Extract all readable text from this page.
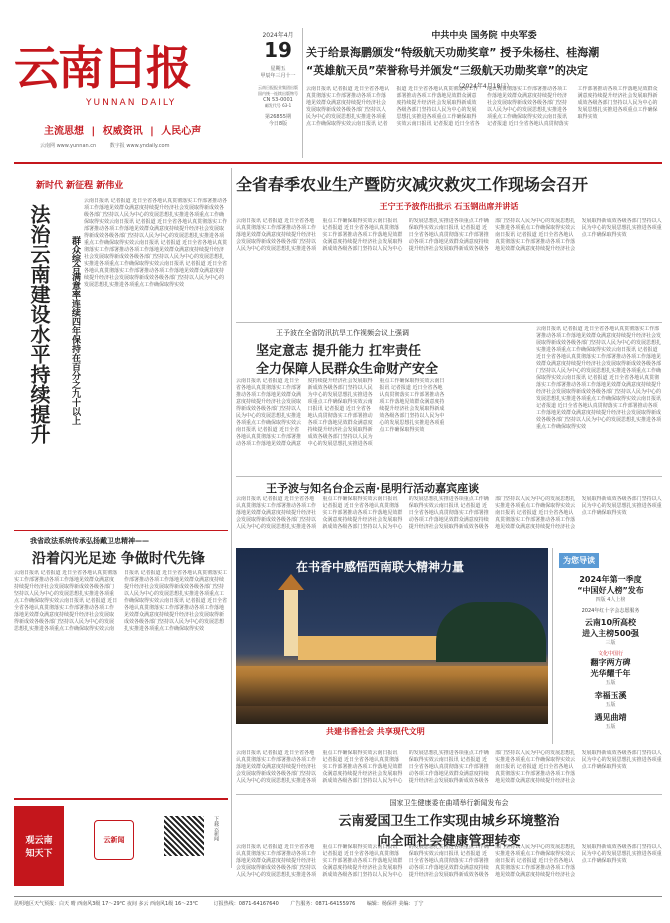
云南日报
YUNNAN DAILY
主流思想 | 权威资讯 | 人民心声
云南网 www.yunnan.cn	数字报 www.yndaily.com
2024年4月
19
星期五
甲辰年三月十一
云南日报报业集团出版
国内统一连续出版物号
CN 53-0001
邮发代号 63-1
第26855期
今日8版
中共中央 国务院 中央军委
关于给景海鹏颁发“特级航天功勋奖章” 授予朱杨柱、桂海潮
“英雄航天员”荣誉称号并颁发“三级航天功勋奖章”的决定
（2024年4月18日）
云南日报讯 记者报道 近日全省各地认真贯彻落实工作部署推动各项工作落地见效群众满意度持续提升经济社会发展取得新成效各级各部门坚持以人民为中心的发展思想扎实推进各项重点工作确保取得实效云南日报讯 记者报道 近日全省各地认真贯彻落实工作部署推动各项工作落地见效群众满意度持续提升经济社会发展取得新成效各级各部门坚持以人民为中心的发展思想扎实推进各项重点工作确保取得实效云南日报讯 记者报道 近日全省各地认真贯彻落实工作部署推动各项工作落地见效群众满意度持续提升经济社会发展取得新成效各级各部门坚持以人民为中心的发展思想扎实推进各项重点工作确保取得实效云南日报讯 记者报道 近日全省各地认真贯彻落实工作部署推动各项工作落地见效群众满意度持续提升经济社会发展取得新成效各级各部门坚持以人民为中心的发展思想扎实推进各项重点工作确保取得实效
新时代 新征程 新伟业
法治云南建设水平持续提升	群众综合满意率连续四年保持在百分之九十以上
云南日报讯 记者报道 近日全省各地认真贯彻落实工作部署推动各项工作落地见效群众满意度持续提升经济社会发展取得新成效各级各部门坚持以人民为中心的发展思想扎实推进各项重点工作确保取得实效云南日报讯 记者报道 近日全省各地认真贯彻落实工作部署推动各项工作落地见效群众满意度持续提升经济社会发展取得新成效各级各部门坚持以人民为中心的发展思想扎实推进各项重点工作确保取得实效云南日报讯 记者报道 近日全省各地认真贯彻落实工作部署推动各项工作落地见效群众满意度持续提升经济社会发展取得新成效各级各部门坚持以人民为中心的发展思想扎实推进各项重点工作确保取得实效云南日报讯 记者报道 近日全省各地认真贯彻落实工作部署推动各项工作落地见效群众满意度持续提升经济社会发展取得新成效各级各部门坚持以人民为中心的发展思想扎实推进各项重点工作确保取得实效
我省政法系统传承弘扬戴卫忠精神——
沿着闪光足迹 争做时代先锋
云南日报讯 记者报道 近日全省各地认真贯彻落实工作部署推动各项工作落地见效群众满意度持续提升经济社会发展取得新成效各级各部门坚持以人民为中心的发展思想扎实推进各项重点工作确保取得实效云南日报讯 记者报道 近日全省各地认真贯彻落实工作部署推动各项工作落地见效群众满意度持续提升经济社会发展取得新成效各级各部门坚持以人民为中心的发展思想扎实推进各项重点工作确保取得实效云南日报讯 记者报道 近日全省各地认真贯彻落实工作部署推动各项工作落地见效群众满意度持续提升经济社会发展取得新成效各级各部门坚持以人民为中心的发展思想扎实推进各项重点工作确保取得实效云南日报讯 记者报道 近日全省各地认真贯彻落实工作部署推动各项工作落地见效群众满意度持续提升经济社会发展取得新成效各级各部门坚持以人民为中心的发展思想扎实推进各项重点工作确保取得实效
全省春季农业生产暨防灾减灾救灾工作现场会召开
王宁王予波作出批示 石玉钢出席并讲话
云南日报讯 记者报道 近日全省各地认真贯彻落实工作部署推动各项工作落地见效群众满意度持续提升经济社会发展取得新成效各级各部门坚持以人民为中心的发展思想扎实推进各项重点工作确保取得实效云南日报讯 记者报道 近日全省各地认真贯彻落实工作部署推动各项工作落地见效群众满意度持续提升经济社会发展取得新成效各级各部门坚持以人民为中心的发展思想扎实推进各项重点工作确保取得实效云南日报讯 记者报道 近日全省各地认真贯彻落实工作部署推动各项工作落地见效群众满意度持续提升经济社会发展取得新成效各级各部门坚持以人民为中心的发展思想扎实推进各项重点工作确保取得实效云南日报讯 记者报道 近日全省各地认真贯彻落实工作部署推动各项工作落地见效群众满意度持续提升经济社会发展取得新成效各级各部门坚持以人民为中心的发展思想扎实推进各项重点工作确保取得实效
王予波在全省防汛抗旱工作视频会议上强调
坚定意志 提升能力 扛牢责任
全力保障人民群众生命财产安全
云南日报讯 记者报道 近日全省各地认真贯彻落实工作部署推动各项工作落地见效群众满意度持续提升经济社会发展取得新成效各级各部门坚持以人民为中心的发展思想扎实推进各项重点工作确保取得实效云南日报讯 记者报道 近日全省各地认真贯彻落实工作部署推动各项工作落地见效群众满意度持续提升经济社会发展取得新成效各级各部门坚持以人民为中心的发展思想扎实推进各项重点工作确保取得实效云南日报讯 记者报道 近日全省各地认真贯彻落实工作部署推动各项工作落地见效群众满意度持续提升经济社会发展取得新成效各级各部门坚持以人民为中心的发展思想扎实推进各项重点工作确保取得实效云南日报讯 记者报道 近日全省各地认真贯彻落实工作部署推动各项工作落地见效群众满意度持续提升经济社会发展取得新成效各级各部门坚持以人民为中心的发展思想扎实推进各项重点工作确保取得实效
云南日报讯 记者报道 近日全省各地认真贯彻落实工作部署推动各项工作落地见效群众满意度持续提升经济社会发展取得新成效各级各部门坚持以人民为中心的发展思想扎实推进各项重点工作确保取得实效云南日报讯 记者报道 近日全省各地认真贯彻落实工作部署推动各项工作落地见效群众满意度持续提升经济社会发展取得新成效各级各部门坚持以人民为中心的发展思想扎实推进各项重点工作确保取得实效云南日报讯 记者报道 近日全省各地认真贯彻落实工作部署推动各项工作落地见效群众满意度持续提升经济社会发展取得新成效各级各部门坚持以人民为中心的发展思想扎实推进各项重点工作确保取得实效云南日报讯 记者报道 近日全省各地认真贯彻落实工作部署推动各项工作落地见效群众满意度持续提升经济社会发展取得新成效各级各部门坚持以人民为中心的发展思想扎实推进各项重点工作确保取得实效
王予波与知名台企云南·昆明行活动嘉宾座谈
云南日报讯 记者报道 近日全省各地认真贯彻落实工作部署推动各项工作落地见效群众满意度持续提升经济社会发展取得新成效各级各部门坚持以人民为中心的发展思想扎实推进各项重点工作确保取得实效云南日报讯 记者报道 近日全省各地认真贯彻落实工作部署推动各项工作落地见效群众满意度持续提升经济社会发展取得新成效各级各部门坚持以人民为中心的发展思想扎实推进各项重点工作确保取得实效云南日报讯 记者报道 近日全省各地认真贯彻落实工作部署推动各项工作落地见效群众满意度持续提升经济社会发展取得新成效各级各部门坚持以人民为中心的发展思想扎实推进各项重点工作确保取得实效云南日报讯 记者报道 近日全省各地认真贯彻落实工作部署推动各项工作落地见效群众满意度持续提升经济社会发展取得新成效各级各部门坚持以人民为中心的发展思想扎实推进各项重点工作确保取得实效
在书香中感悟西南联大精神力量
共建书香社会 共享现代文明
为您导读
2024年第一季度
“中国好人榜”发布
四版 4人上榜
2024年红十字会志愿服务
云南10所高校
进入主榜500强
三版
文化中国行
翻字两方碑
光华耀千年
五版
幸福玉溪
五版
遇见曲靖
五版
云南日报讯 记者报道 近日全省各地认真贯彻落实工作部署推动各项工作落地见效群众满意度持续提升经济社会发展取得新成效各级各部门坚持以人民为中心的发展思想扎实推进各项重点工作确保取得实效云南日报讯 记者报道 近日全省各地认真贯彻落实工作部署推动各项工作落地见效群众满意度持续提升经济社会发展取得新成效各级各部门坚持以人民为中心的发展思想扎实推进各项重点工作确保取得实效云南日报讯 记者报道 近日全省各地认真贯彻落实工作部署推动各项工作落地见效群众满意度持续提升经济社会发展取得新成效各级各部门坚持以人民为中心的发展思想扎实推进各项重点工作确保取得实效云南日报讯 记者报道 近日全省各地认真贯彻落实工作部署推动各项工作落地见效群众满意度持续提升经济社会发展取得新成效各级各部门坚持以人民为中心的发展思想扎实推进各项重点工作确保取得实效
国家卫生健康委在曲靖举行新闻发布会
云南爱国卫生工作实现由城乡环境整治
向全面社会健康管理转变
云南日报讯 记者报道 近日全省各地认真贯彻落实工作部署推动各项工作落地见效群众满意度持续提升经济社会发展取得新成效各级各部门坚持以人民为中心的发展思想扎实推进各项重点工作确保取得实效云南日报讯 记者报道 近日全省各地认真贯彻落实工作部署推动各项工作落地见效群众满意度持续提升经济社会发展取得新成效各级各部门坚持以人民为中心的发展思想扎实推进各项重点工作确保取得实效云南日报讯 记者报道 近日全省各地认真贯彻落实工作部署推动各项工作落地见效群众满意度持续提升经济社会发展取得新成效各级各部门坚持以人民为中心的发展思想扎实推进各项重点工作确保取得实效云南日报讯 记者报道 近日全省各地认真贯彻落实工作部署推动各项工作落地见效群众满意度持续提升经济社会发展取得新成效各级各部门坚持以人民为中心的发展思想扎实推进各项重点工作确保取得实效
观云南
知天下
云新闻	下载云新闻
昆明地区天气预报：白天 晴 西南风3级 17～29℃ 夜间 多云 西南风1级 16～23℃	订报热线：0871-64167640 广告服务：0871-64155976 编辑：杨保祥 美编：丁宁
